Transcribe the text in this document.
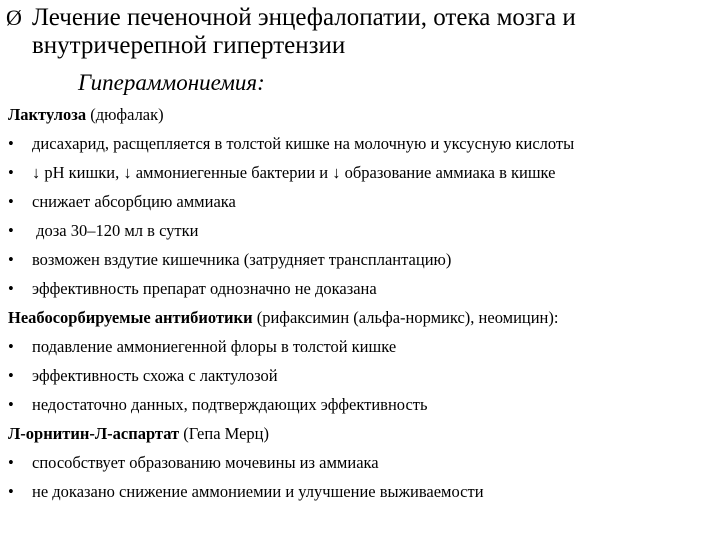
Ø Лечение печеночной энцефалопатии, отека мозга и внутричерепной гипертензии
Гипераммониемия:
Лактулоза (дюфалак)
•	дисахарид, расщепляется в толстой кишке на молочную и уксусную кислоты
•	↓ рН кишки, ↓ аммониегенные бактерии и ↓ образование аммиака в кишке
•	снижает абсорбцию аммиака
•	доза 30–120 мл в сутки
•	возможен вздутие кишечника (затрудняет трансплантацию)
•	эффективность препарат однозначно не доказана
Неабосорбируемые антибиотики (рифаксимин (альфа-нормикс), неомицин):
•	подавление аммониегенной флоры в толстой кишке
•	эффективность схожа с лактулозой
•	недостаточно данных, подтверждающих эффективность
Л-орнитин-Л-аспартат (Гепа Мерц)
•	способствует образованию мочевины из аммиака
•	не доказано снижение аммониемии и улучшение выживаемости
